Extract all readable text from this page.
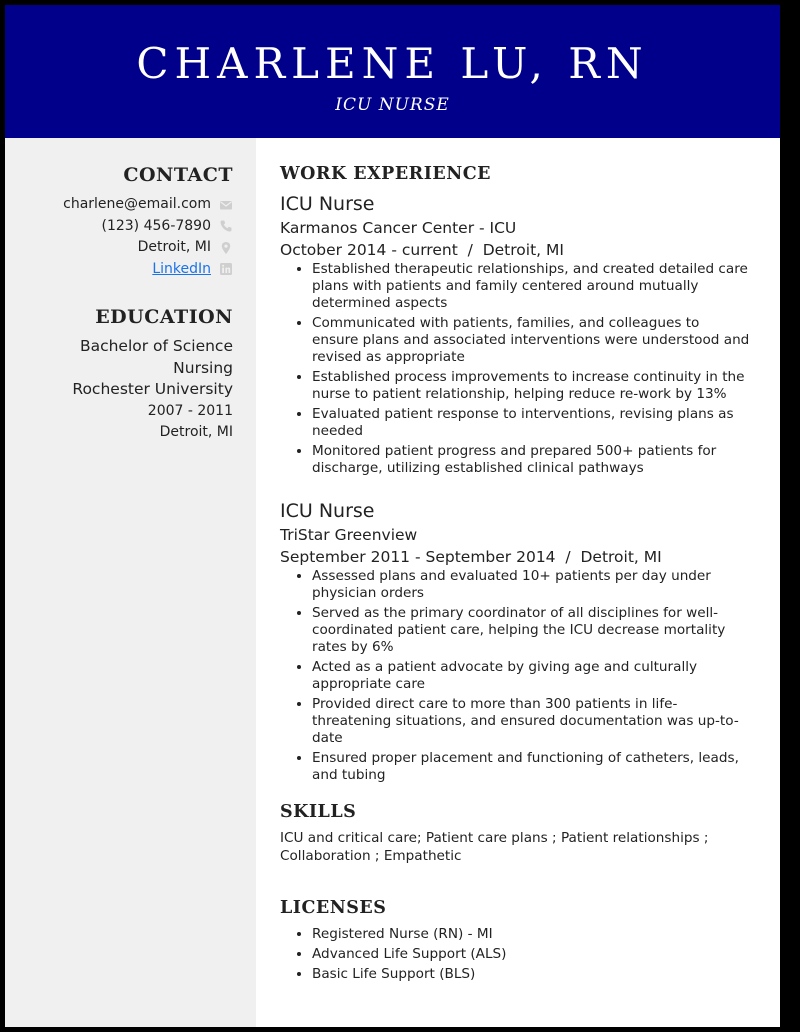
CHARLENE LU, RN
ICU NURSE
CONTACT
charlene@email.com
(123) 456-7890
Detroit, MI
LinkedIn
EDUCATION
Bachelor of Science
Nursing
Rochester University
2007 - 2011
Detroit, MI
WORK EXPERIENCE
ICU Nurse
Karmanos Cancer Center - ICU
October 2014 - current  /  Detroit, MI
• Established therapeutic relationships, and created detailed care plans with patients and family centered around mutually determined aspects
• Communicated with patients, families, and colleagues to ensure plans and associated interventions were understood and revised as appropriate
• Established process improvements to increase continuity in the nurse to patient relationship, helping reduce re-work by 13%
• Evaluated patient response to interventions, revising plans as needed
• Monitored patient progress and prepared 500+ patients for discharge, utilizing established clinical pathways
ICU Nurse
TriStar Greenview
September 2011 - September 2014  /  Detroit, MI
• Assessed plans and evaluated 10+ patients per day under physician orders
• Served as the primary coordinator of all disciplines for well-coordinated patient care, helping the ICU decrease mortality rates by 6%
• Acted as a patient advocate by giving age and culturally appropriate care
• Provided direct care to more than 300 patients in life-threatening situations, and ensured documentation was up-to-date
• Ensured proper placement and functioning of catheters, leads, and tubing
SKILLS
ICU and critical care; Patient care plans ; Patient relationships ; Collaboration ; Empathetic
LICENSES
• Registered Nurse (RN) - MI
• Advanced Life Support (ALS)
• Basic Life Support (BLS)
